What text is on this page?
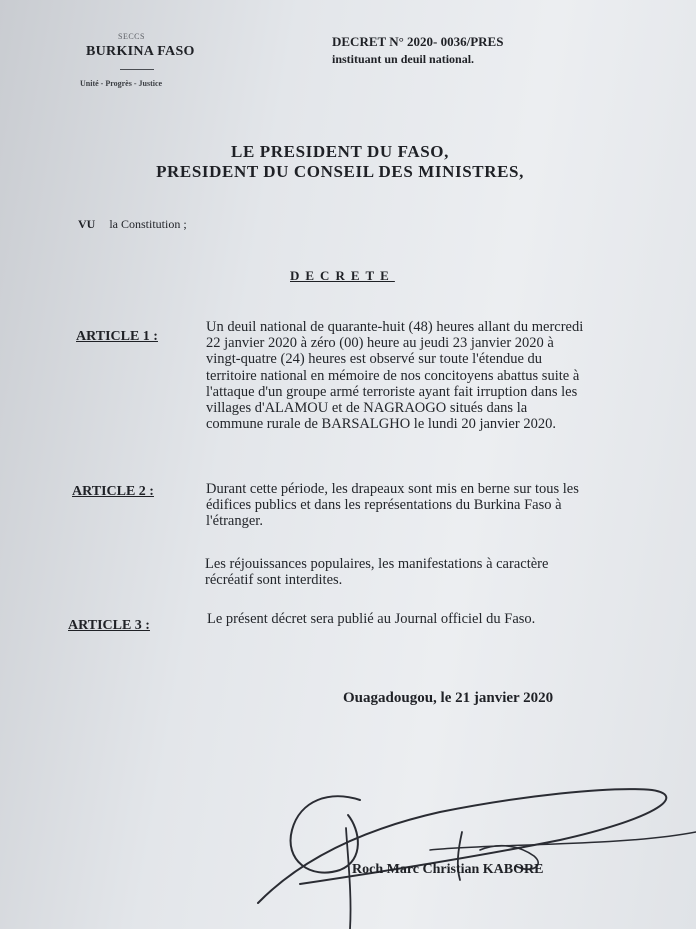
SECCS
BURKINA FASO
Unité - Progrès - Justice
DECRET N° 2020- 0036/PRES
instituant un deuil national.
LE PRESIDENT DU FASO,
PRESIDENT DU CONSEIL DES MINISTRES,
VU la Constitution ;
DECRETE
ARTICLE 1 :
Un deuil national de quarante-huit (48) heures allant du mercredi
22 janvier 2020 à zéro (00) heure au jeudi 23 janvier 2020 à
vingt-quatre (24) heures est observé sur toute l'étendue du
territoire national en mémoire de nos concitoyens abattus suite à
l'attaque d'un groupe armé terroriste ayant fait irruption dans les
villages d'ALAMOU et de NAGRAOGO situés dans la
commune rurale de BARSALGHO le lundi 20 janvier 2020.
ARTICLE 2 :	Durant cette période, les drapeaux sont mis en berne sur tous les
édifices publics et dans les représentations du Burkina Faso à
l'étranger.
Les réjouissances populaires, les manifestations à caractère
récréatif sont interdites.
ARTICLE 3 :	Le présent décret sera publié au Journal officiel du Faso.
Ouagadougou, le 21 janvier 2020
Roch Marc Christian KABORE
